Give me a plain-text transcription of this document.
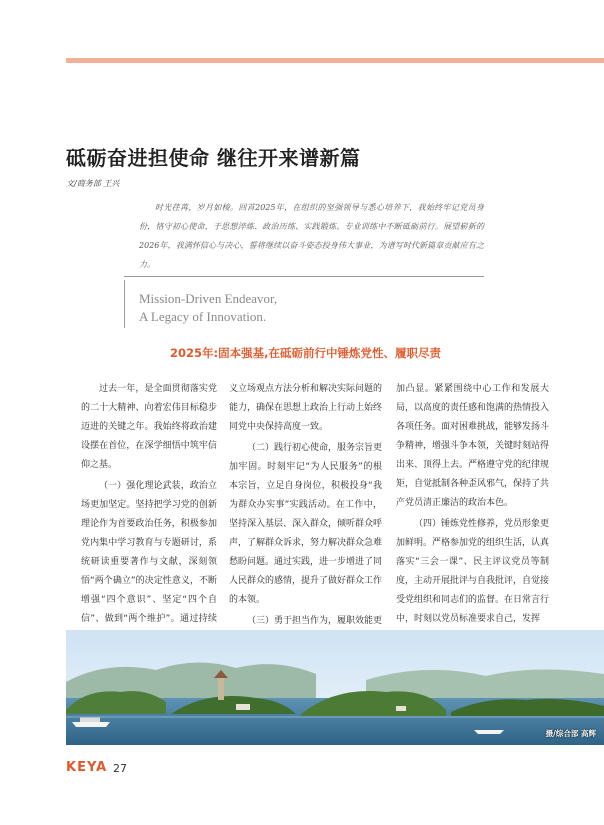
砥砺奋进担使命 继往开来谱新篇
文/商务部 王兴
时光荏苒，岁月如梭。回首2025年，在组织的坚强领导与悉心培养下，我始终牢记党员身份，恪守初心使命，于思想淬炼、政治历练、实践锻炼、专业训练中不断砥砺前行。展望崭新的2026年，我满怀信心与决心，誓将继续以奋斗姿态投身伟大事业，为谱写时代新篇章贡献应有之力。
Mission-Driven Endeavor,
A Legacy of Innovation.
2025年:固本强基,在砥砺前行中锤炼党性、履职尽责

过去一年，是全面贯彻落实党的二十大精神、向着宏伟目标稳步迈进的关键之年。我始终将政治建设摆在首位，在深学细悟中筑牢信仰之基。

（一）强化理论武装，政治立场更加坚定。坚持把学习党的创新理论作为首要政治任务，积极参加党内集中学习教育与专题研讨，系统研读重要著作与文献，深刻领悟“两个确立”的决定性意义，不断增强“四个意识”、坚定“四个自信”、做到“两个维护”。通过持续

义立场观点方法分析和解决实际问题的能力，确保在思想上政治上行动上始终同党中央保持高度一致。

（二）践行初心使命，服务宗旨更加牢固。时刻牢记“为人民服务”的根本宗旨，立足自身岗位，积极投身“我为群众办实事”实践活动。在工作中，坚持深入基层、深入群众，倾听群众呼声，了解群众诉求，努力解决群众急难愁盼问题。通过实践，进一步增进了同人民群众的感情，提升了做好群众工作的本领。

（三）勇于担当作为，履职效能更

加凸显。紧紧围绕中心工作和发展大局，以高度的责任感和饱满的热情投入各项任务。面对困难挑战，能够发扬斗争精神，增强斗争本领，关键时刻站得出来、顶得上去。严格遵守党的纪律规矩，自觉抵制各种歪风邪气，保持了共产党员清正廉洁的政治本色。

（四）锤炼党性修养，党员形象更加鲜明。严格参加党的组织生活，认真落实“三会一课”、民主评议党员等制度，主动开展批评与自我批评，自觉接受党组织和同志们的监督。在日常言行中，时刻以党员标准要求自己，发挥

摄/综合部 高辉
KEYA 27
